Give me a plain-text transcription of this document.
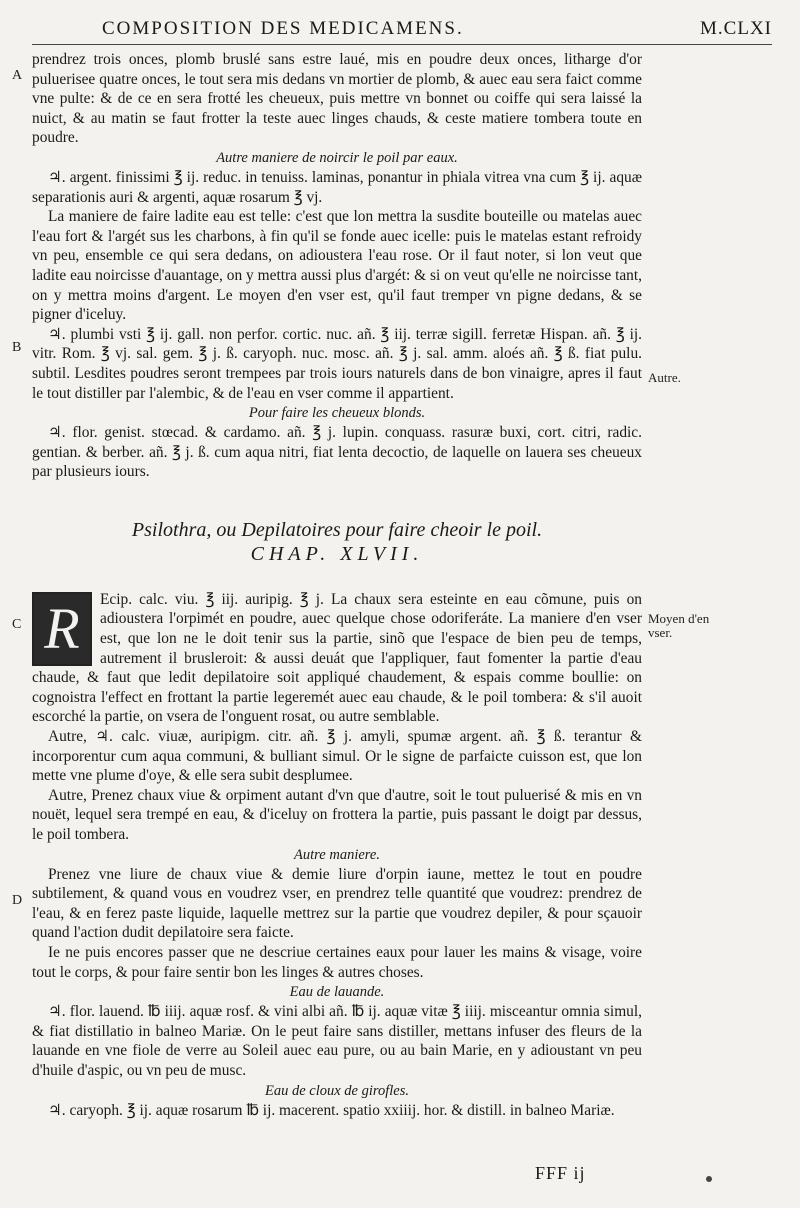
COMPOSITION DES MEDICAMENS.	M.CLXI
A
B
C
D
Autre.
Moyen d'en
vser.

prendrez trois onces, plomb bruslé sans estre laué, mis en poudre deux onces, litharge d'or puluerisee quatre onces, le tout sera mis dedans vn mortier de plomb, & auec eau sera faict comme vne pulte: & de ce en sera frotté les cheueux, puis mettre vn bonnet ou coiffe qui sera laissé la nuict, & au matin se faut frotter la teste auec linges chauds, & ceste matiere tombera toute en poudre.

Autre maniere de noircir le poil par eaux.

♃. argent. finissimi ℥ ij. reduc. in tenuiss. laminas, ponantur in phiala vitrea vna cum ℥ ij. aquæ separationis auri & argenti, aquæ rosarum ℥ vj.

La maniere de faire ladite eau est telle: c'est que lon mettra la susdite bouteille ou matelas auec l'eau fort & l'argét sus les charbons, à fin qu'il se fonde auec icelle: puis le matelas estant refroidy vn peu, ensemble ce qui sera dedans, on adioustera l'eau rose. Or il faut noter, si lon veut que ladite eau noircisse d'auantage, on y mettra aussi plus d'argét: & si on veut qu'elle ne noircisse tant, on y mettra moins d'argent. Le moyen d'en vser est, qu'il faut tremper vn pigne dedans, & se pigner d'iceluy.

♃. plumbi vsti ℥ ij. gall. non perfor. cortic. nuc. añ. ℥ iij. terræ sigill. ferretæ Hispan. añ. ℥ ij. vitr. Rom. ℥ vj. sal. gem. ℥ j. ß. caryoph. nuc. mosc. añ. ℥ j. sal. amm. aloés añ. ℥ ß. fiat pulu. subtil. Lesdites poudres seront trempees par trois iours naturels dans de bon vinaigre, apres il faut le tout distiller par l'alembic, & de l'eau en vser comme il appartient.

Pour faire les cheueux blonds.

♃. flor. genist. stœcad. & cardamo. añ. ℥ j. lupin. conquass. rasuræ buxi, cort. citri, radic. gentian. & berber. añ. ℥ j. ß. cum aqua nitri, fiat lenta decoctio, de laquelle on lauera ses cheueux par plusieurs iours.

Psilothra, ou Depilatoires pour faire cheoir le poil.

CHAP. XLVII.

R	Ecip. calc. viu. ℥ iij. auripig. ℥ j. La chaux sera esteinte en eau cõmune, puis on adioustera l'orpimét en poudre, auec quelque chose odoriferáte. La maniere d'en vser est, que lon ne le doit tenir sus la partie, sinõ que l'espace de bien peu de temps, autrement il brusleroit: & aussi deuát que l'appliquer, faut fomenter la partie d'eau chaude, & faut que ledit depilatoire soit appliqué chaudement, & espais comme boullie: on cognoistra l'effect en frottant la partie legeremét auec eau chaude, & le poil tombera: & s'il auoit escorché la partie, on vsera de l'onguent rosat, ou autre semblable.

Autre, ♃. calc. viuæ, auripigm. citr. añ. ℥ j. amyli, spumæ argent. añ. ℥ ß. terantur & incorporentur cum aqua communi, & bulliant simul. Or le signe de parfaicte cuisson est, que lon mette vne plume d'oye, & elle sera subit desplumee.

Autre, Prenez chaux viue & orpiment autant d'vn que d'autre, soit le tout puluerisé & mis en vn nouët, lequel sera trempé en eau, & d'iceluy on frottera la partie, puis passant le doigt par dessus, le poil tombera.

Autre maniere.

Prenez vne liure de chaux viue & demie liure d'orpin iaune, mettez le tout en poudre subtilement, & quand vous en voudrez vser, en prendrez telle quantité que voudrez: prendrez de l'eau, & en ferez paste liquide, laquelle mettrez sur la partie que voudrez depiler, & pour sçauoir quand l'action dudit depilatoire sera faicte.

Ie ne puis encores passer que ne descriue certaines eaux pour lauer les mains & visage, voire tout le corps, & pour faire sentir bon les linges & autres choses.

Eau de lauande.

♃. flor. lauend. ℔ iiij. aquæ rosf. & vini albi añ. ℔ ij. aquæ vitæ ℥ iiij. misceantur omnia simul, & fiat distillatio in balneo Mariæ. On le peut faire sans distiller, mettans infuser des fleurs de la lauande en vne fiole de verre au Soleil auec eau pure, ou au bain Marie, en y adioustant vn peu d'huile d'aspic, ou vn peu de musc.

Eau de cloux de girofles.

♃. caryoph. ℥ ij. aquæ rosarum ℔ ij. macerent. spatio xxiiij. hor. & distill. in balneo Mariæ.

FFF ij
